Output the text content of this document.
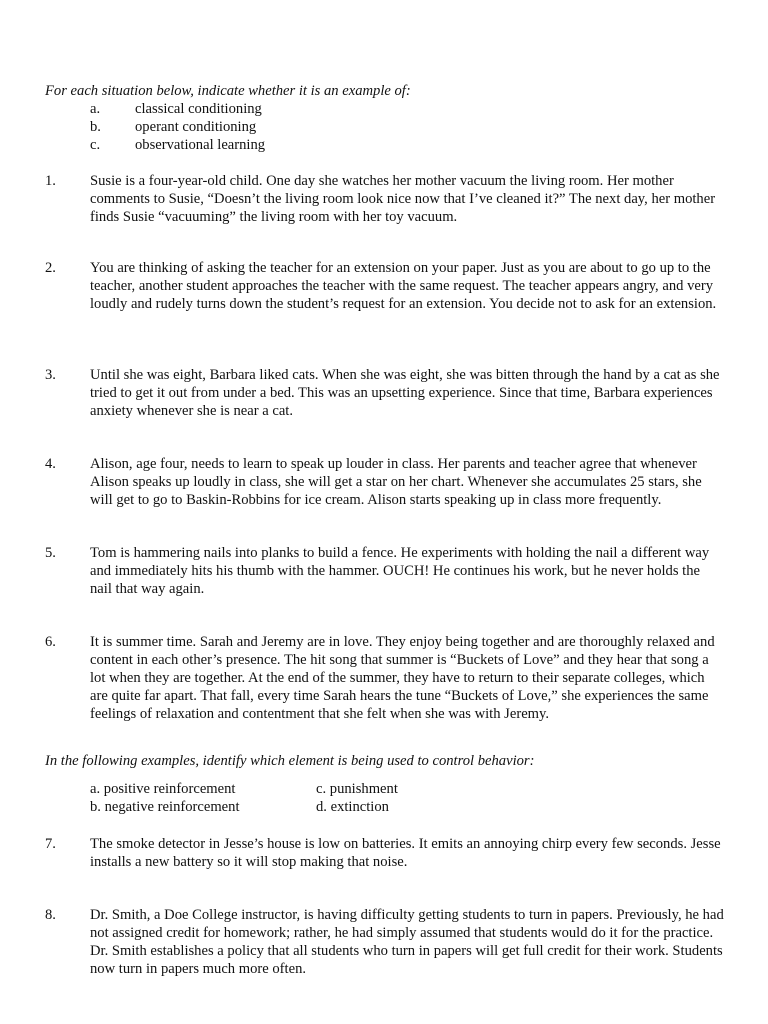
For each situation below, indicate whether it is an example of:
a. classical conditioning
b. operant conditioning
c. observational learning
1. Susie is a four-year-old child. One day she watches her mother vacuum the living room. Her mother comments to Susie, “Doesn’t the living room look nice now that I’ve cleaned it?” The next day, her mother finds Susie “vacuuming” the living room with her toy vacuum.
2. You are thinking of asking the teacher for an extension on your paper. Just as you are about to go up to the teacher, another student approaches the teacher with the same request. The teacher appears angry, and very loudly and rudely turns down the student’s request for an extension. You decide not to ask for an extension.
3. Until she was eight, Barbara liked cats. When she was eight, she was bitten through the hand by a cat as she tried to get it out from under a bed. This was an upsetting experience. Since that time, Barbara experiences anxiety whenever she is near a cat.
4. Alison, age four, needs to learn to speak up louder in class. Her parents and teacher agree that whenever Alison speaks up loudly in class, she will get a star on her chart. Whenever she accumulates 25 stars, she will get to go to Baskin-Robbins for ice cream. Alison starts speaking up in class more frequently.
5. Tom is hammering nails into planks to build a fence. He experiments with holding the nail a different way and immediately hits his thumb with the hammer. OUCH! He continues his work, but he never holds the nail that way again.
6. It is summer time. Sarah and Jeremy are in love. They enjoy being together and are thoroughly relaxed and content in each other’s presence. The hit song that summer is “Buckets of Love” and they hear that song a lot when they are together. At the end of the summer, they have to return to their separate colleges, which are quite far apart. That fall, every time Sarah hears the tune “Buckets of Love,” she experiences the same feelings of relaxation and contentment that she felt when she was with Jeremy.
In the following examples, identify which element is being used to control behavior:
a. positive reinforcement
b. negative reinforcement
c. punishment
d. extinction
7. The smoke detector in Jesse’s house is low on batteries. It emits an annoying chirp every few seconds. Jesse installs a new battery so it will stop making that noise.
8. Dr. Smith, a Doe College instructor, is having difficulty getting students to turn in papers. Previously, he had not assigned credit for homework; rather, he had simply assumed that students would do it for the practice. Dr. Smith establishes a policy that all students who turn in papers will get full credit for their work. Students now turn in papers much more often.
